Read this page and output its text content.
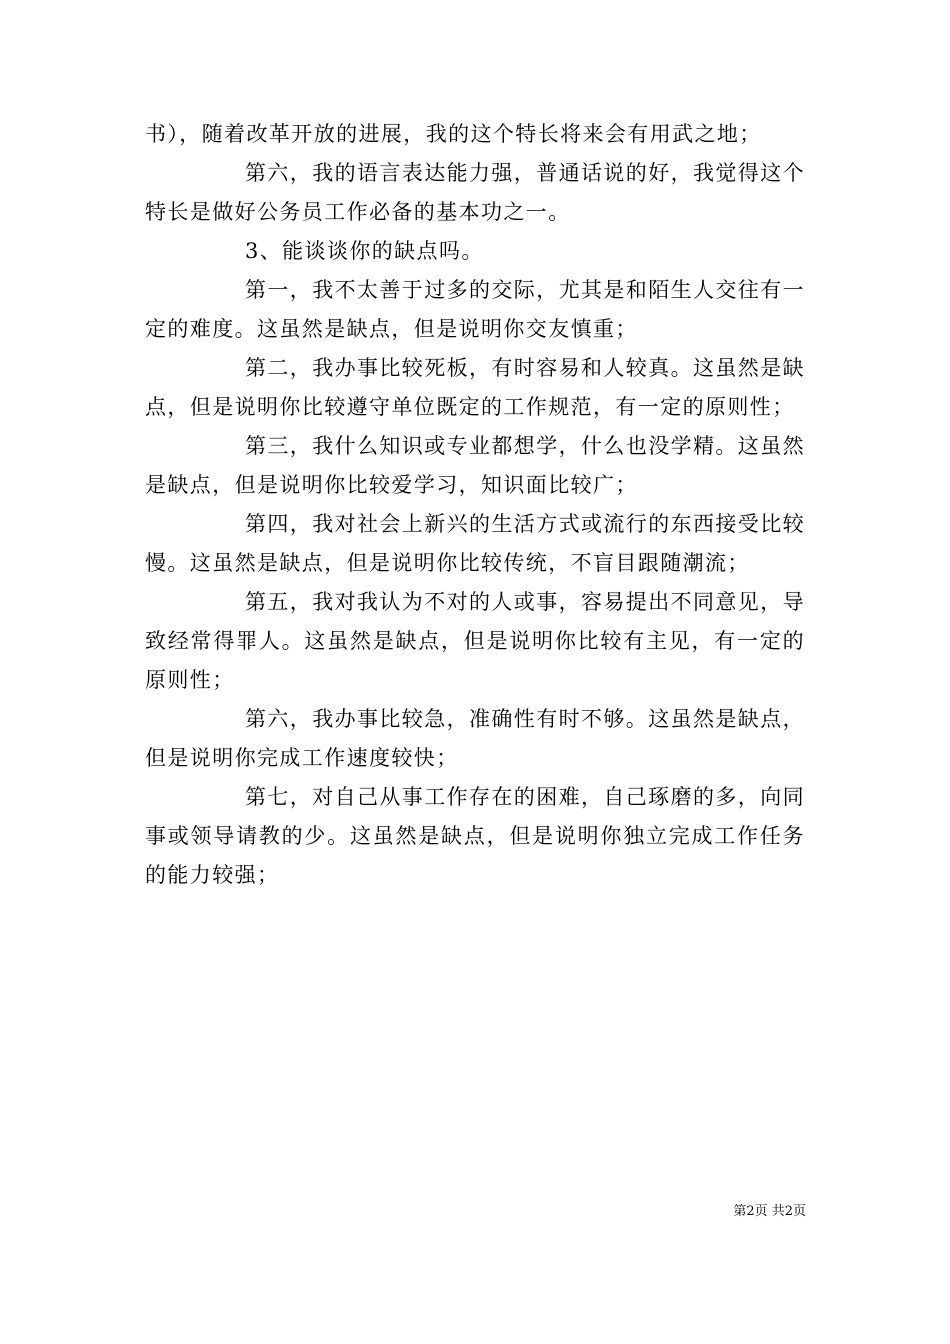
书），随着改革开放的进展，我的这个特长将来会有用武之地；

第六，我的语言表达能力强，普通话说的好，我觉得这个特长是做好公务员工作必备的基本功之一。

3、能谈谈你的缺点吗。

第一，我不太善于过多的交际，尤其是和陌生人交往有一定的难度。这虽然是缺点，但是说明你交友慎重；

第二，我办事比较死板，有时容易和人较真。这虽然是缺点，但是说明你比较遵守单位既定的工作规范，有一定的原则性；

第三，我什么知识或专业都想学，什么也没学精。这虽然是缺点，但是说明你比较爱学习，知识面比较广；

第四，我对社会上新兴的生活方式或流行的东西接受比较慢。这虽然是缺点，但是说明你比较传统，不盲目跟随潮流；

第五，我对我认为不对的人或事，容易提出不同意见，导致经常得罪人。这虽然是缺点，但是说明你比较有主见，有一定的原则性；

第六，我办事比较急，准确性有时不够。这虽然是缺点，但是说明你完成工作速度较快；

第七，对自己从事工作存在的困难，自己琢磨的多，向同事或领导请教的少。这虽然是缺点，但是说明你独立完成工作任务的能力较强；

第2页 共2页
